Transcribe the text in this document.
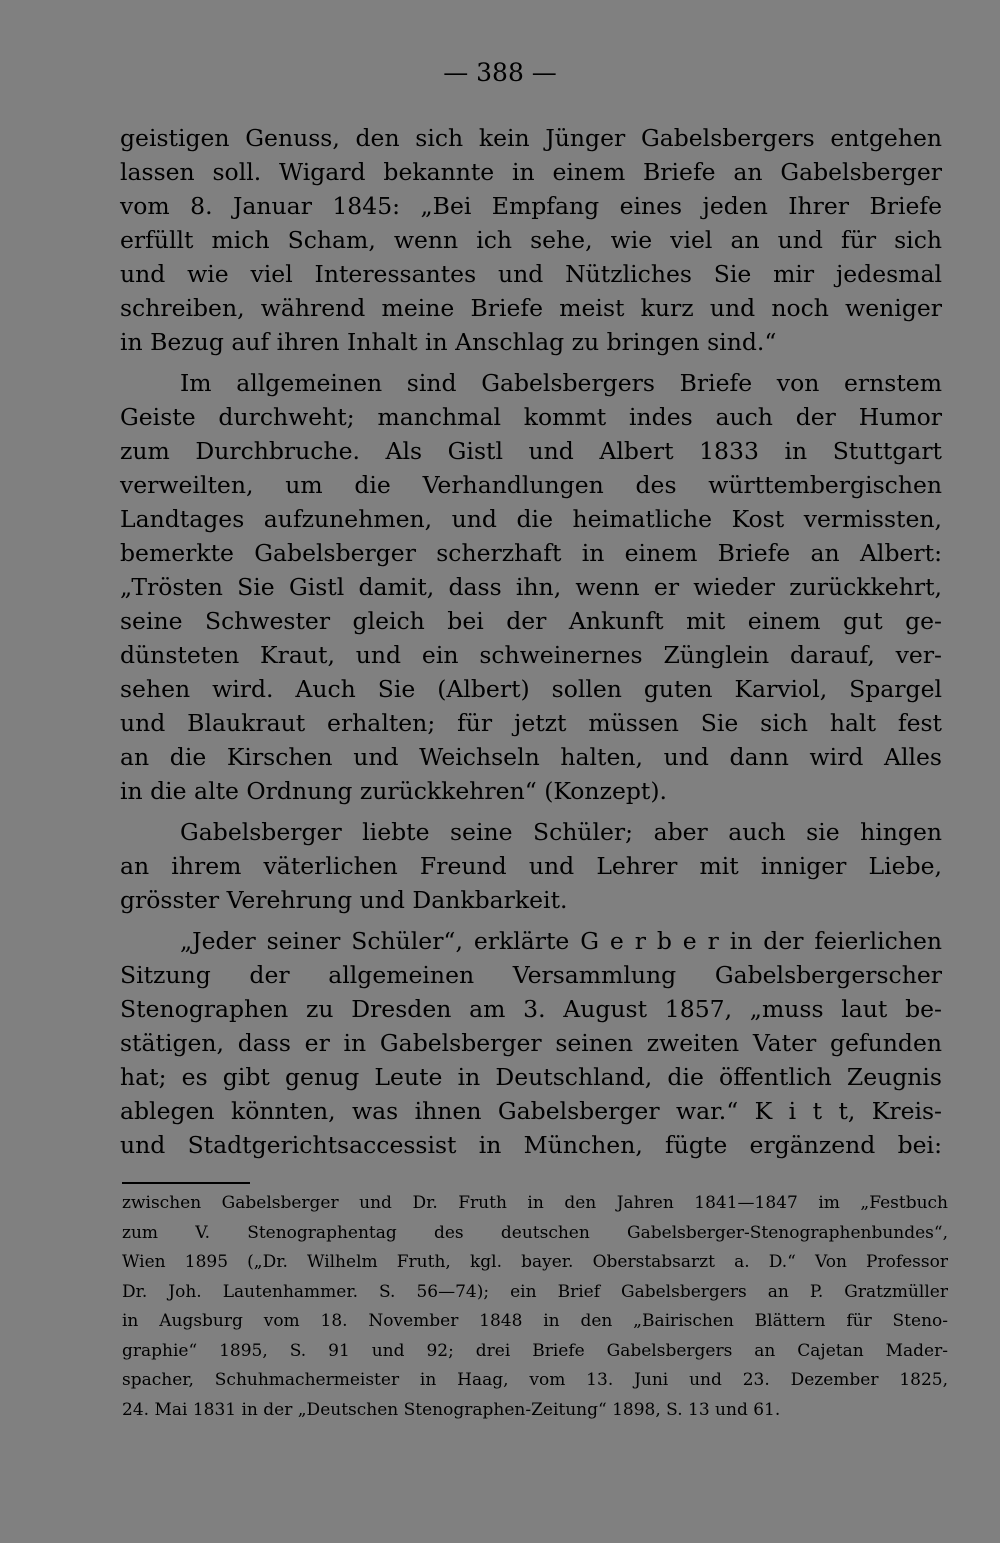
— 388 —
geistigen Genuss, den sich kein Jünger Gabelsbergers entgehen
lassen soll. Wigard bekannte in einem Briefe an Gabelsberger
vom 8. Januar 1845: „Bei Empfang eines jeden Ihrer Briefe
erfüllt mich Scham, wenn ich sehe, wie viel an und für sich
und wie viel Interessantes und Nützliches Sie mir jedesmal
schreiben, während meine Briefe meist kurz und noch weniger
in Bezug auf ihren Inhalt in Anschlag zu bringen sind.“
Im allgemeinen sind Gabelsbergers Briefe von ernstem
Geiste durchweht; manchmal kommt indes auch der Humor
zum Durchbruche. Als Gistl und Albert 1833 in Stuttgart
verweilten, um die Verhandlungen des württembergischen
Landtages aufzunehmen, und die heimatliche Kost vermissten,
bemerkte Gabelsberger scherzhaft in einem Briefe an Albert:
„Trösten Sie Gistl damit, dass ihn, wenn er wieder zurückkehrt,
seine Schwester gleich bei der Ankunft mit einem gut ge-
dünsteten Kraut, und ein schweinernes Zünglein darauf, ver-
sehen wird. Auch Sie (Albert) sollen guten Karviol, Spargel
und Blaukraut erhalten; für jetzt müssen Sie sich halt fest
an die Kirschen und Weichseln halten, und dann wird Alles
in die alte Ordnung zurückkehren“ (Konzept).
Gabelsberger liebte seine Schüler; aber auch sie hingen
an ihrem väterlichen Freund und Lehrer mit inniger Liebe,
grösster Verehrung und Dankbarkeit.
„Jeder seiner Schüler“, erklärte G e r b e r in der feierlichen
Sitzung der allgemeinen Versammlung Gabelsbergerscher
Stenographen zu Dresden am 3. August 1857, „muss laut be-
stätigen, dass er in Gabelsberger seinen zweiten Vater gefunden
hat; es gibt genug Leute in Deutschland, die öffentlich Zeugnis
ablegen könnten, was ihnen Gabelsberger war.“ K i t t, Kreis-
und Stadtgerichtsaccessist in München, fügte ergänzend bei:
zwischen Gabelsberger und Dr. Fruth in den Jahren 1841—1847 im „Festbuch
zum V. Stenographentag des deutschen Gabelsberger-Stenographenbundes“,
Wien 1895 („Dr. Wilhelm Fruth, kgl. bayer. Oberstabsarzt a. D.“ Von Professor
Dr. Joh. Lautenhammer. S. 56—74); ein Brief Gabelsbergers an P. Gratzmüller
in Augsburg vom 18. November 1848 in den „Bairischen Blättern für Steno-
graphie“ 1895, S. 91 und 92; drei Briefe Gabelsbergers an Cajetan Mader-
spacher, Schuhmachermeister in Haag, vom 13. Juni und 23. Dezember 1825,
24. Mai 1831 in der „Deutschen Stenographen-Zeitung“ 1898, S. 13 und 61.
